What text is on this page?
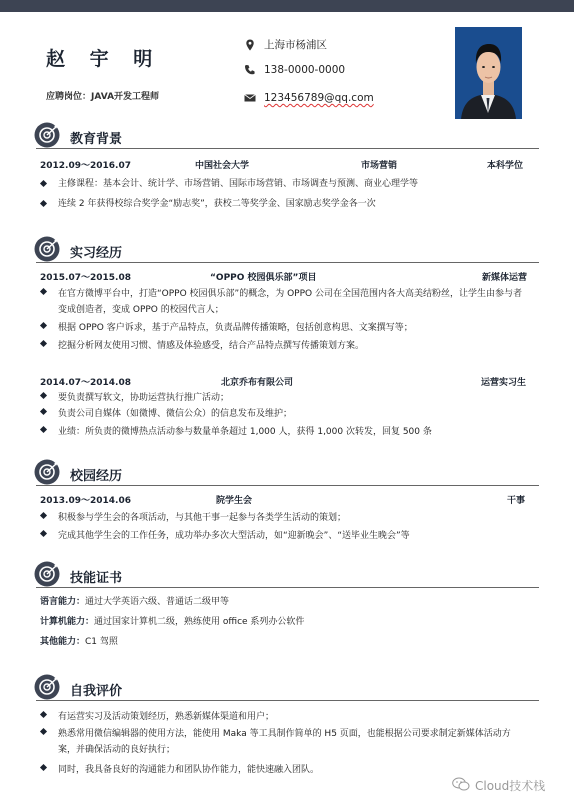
赵 宇 明
应聘岗位：JAVA开发工程师
上海市杨浦区
138-0000-0000
123456789@qq.com
教育背景
2012.09～2016.07	中国社会大学	市场营销	本科学位
主修课程：基本会计、统计学、市场营销、国际市场营销、市场调查与预测、商业心理学等
连续 2 年获得校综合奖学金“励志奖”，获校二等奖学金、国家励志奖学金各一次
实习经历
2015.07～2015.08	“OPPO 校园俱乐部”项目	新媒体运营
在官方微博平台中，打造“OPPO 校园俱乐部”的概念，为 OPPO 公司在全国范围内各大高美结粉丝，让学生由参与者变成创造者，变成 OPPO 的校园代言人；
根据 OPPO 客户诉求，基于产品特点，负责品牌传播策略，包括创意构思、文案撰写等；
挖掘分析网友使用习惯、情感及体验感受，结合产品特点撰写传播策划方案。
2014.07～2014.08	北京乔布有限公司	运营实习生
要负责撰写软文，协助运营执行推广活动；
负责公司自媒体（如微博、微信公众）的信息发布及维护；
业绩：所负责的微博热点活动参与数量单条超过 1,000 人，获得 1,000 次转发，回复 500 条
校园经历
2013.09～2014.06	院学生会	干事
积极参与学生会的各项活动，与其他干事一起参与各类学生活动的策划；
完成其他学生会的工作任务，成功举办多次大型活动，如“迎新晚会”、“送毕业生晚会”等
技能证书
语言能力：通过大学英语六级、普通话二级甲等
计算机能力：通过国家计算机二级，熟练使用 office 系列办公软件
其他能力：C1 驾照
自我评价
有运营实习及活动策划经历，熟悉新媒体渠道和用户；
熟悉常用微信编辑器的使用方法，能使用 Maka 等工具制作简单的 H5 页面，也能根据公司要求制定新媒体活动方案，并确保活动的良好执行；
同时，我具备良好的沟通能力和团队协作能力，能快速融入团队。
Cloud技术栈
